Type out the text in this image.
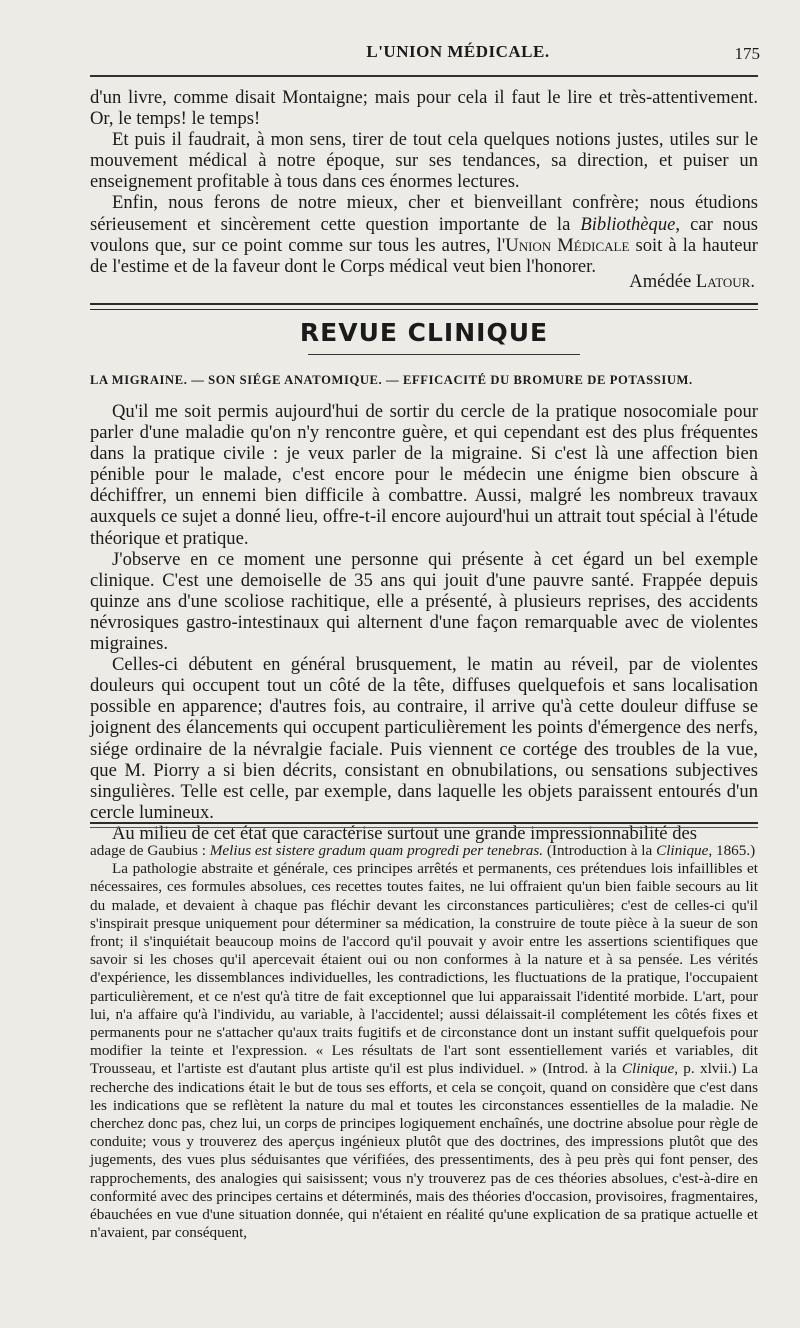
L'UNION MÉDICALE.	175

d'un livre, comme disait Montaigne; mais pour cela il faut le lire et très-attentivement. Or, le temps! le temps!

Et puis il faudrait, à mon sens, tirer de tout cela quelques notions justes, utiles sur le mouvement médical à notre époque, sur ses tendances, sa direction, et puiser un enseignement profitable à tous dans ces énormes lectures.

Enfin, nous ferons de notre mieux, cher et bienveillant confrère; nous étudions sérieusement et sincèrement cette question importante de la Bibliothèque, car nous voulons que, sur ce point comme sur tous les autres, l'Union Médicale soit à la hauteur de l'estime et de la faveur dont le Corps médical veut bien l'honorer.

Amédée Latour.
REVUE CLINIQUE
LA MIGRAINE. — SON SIÉGE ANATOMIQUE. — EFFICACITÉ DU BROMURE DE POTASSIUM.

Qu'il me soit permis aujourd'hui de sortir du cercle de la pratique nosocomiale pour parler d'une maladie qu'on n'y rencontre guère, et qui cependant est des plus fréquentes dans la pratique civile : je veux parler de la migraine. Si c'est là une affection bien pénible pour le malade, c'est encore pour le médecin une énigme bien obscure à déchiffrer, un ennemi bien difficile à combattre. Aussi, malgré les nombreux travaux auxquels ce sujet a donné lieu, offre-t-il encore aujourd'hui un attrait tout spécial à l'étude théorique et pratique.

J'observe en ce moment une personne qui présente à cet égard un bel exemple clinique. C'est une demoiselle de 35 ans qui jouit d'une pauvre santé. Frappée depuis quinze ans d'une scoliose rachitique, elle a présenté, à plusieurs reprises, des accidents névrosiques gastro-intestinaux qui alternent d'une façon remarquable avec de violentes migraines.

Celles-ci débutent en général brusquement, le matin au réveil, par de violentes douleurs qui occupent tout un côté de la tête, diffuses quelquefois et sans localisation possible en apparence; d'autres fois, au contraire, il arrive qu'à cette douleur diffuse se joignent des élancements qui occupent particulièrement les points d'émergence des nerfs, siége ordinaire de la névralgie faciale. Puis viennent ce cortége des troubles de la vue, que M. Piorry a si bien décrits, consistant en obnubilations, ou sensations subjectives singulières. Telle est celle, par exemple, dans laquelle les objets paraissent entourés d'un cercle lumineux.

Au milieu de cet état que caractérise surtout une grande impressionnabilité des

adage de Gaubius : Melius est sistere gradum quam progredi per tenebras. (Introduction à la Clinique, 1865.)

La pathologie abstraite et générale, ces principes arrêtés et permanents, ces prétendues lois infaillibles et nécessaires, ces formules absolues, ces recettes toutes faites, ne lui offraient qu'un bien faible secours au lit du malade, et devaient à chaque pas fléchir devant les circonstances particulières; c'est de celles-ci qu'il s'inspirait presque uniquement pour déterminer sa médication, la construire de toute pièce à la sueur de son front; il s'inquiétait beaucoup moins de l'accord qu'il pouvait y avoir entre les assertions scientifiques que savoir si les choses qu'il apercevait étaient oui ou non conformes à la nature et à sa pensée. Les vérités d'expérience, les dissemblances individuelles, les contradictions, les fluctuations de la pratique, l'occupaient particulièrement, et ce n'est qu'à titre de fait exceptionnel que lui apparaissait l'identité morbide. L'art, pour lui, n'a affaire qu'à l'individu, au variable, à l'accidentel; aussi délaissait-il complétement les côtés fixes et permanents pour ne s'attacher qu'aux traits fugitifs et de circonstance dont un instant suffit quelquefois pour modifier la teinte et l'expression. « Les résultats de l'art sont essentiellement variés et variables, dit Trousseau, et l'artiste est d'autant plus artiste qu'il est plus individuel. » (Introd. à la Clinique, p. xlvii.) La recherche des indications était le but de tous ses efforts, et cela se conçoit, quand on considère que c'est dans les indications que se reflètent la nature du mal et toutes les circonstances essentielles de la maladie. Ne cherchez donc pas, chez lui, un corps de principes logiquement enchaînés, une doctrine absolue pour règle de conduite; vous y trouverez des aperçus ingénieux plutôt que des doctrines, des impressions plutôt que des jugements, des vues plus séduisantes que vérifiées, des pressentiments, des à peu près qui font penser, des rapprochements, des analogies qui saisissent; vous n'y trouverez pas de ces théories absolues, c'est-à-dire en conformité avec des principes certains et déterminés, mais des théories d'occasion, provisoires, fragmentaires, ébauchées en vue d'une situation donnée, qui n'étaient en réalité qu'une explication de sa pratique actuelle et n'avaient, par conséquent,
